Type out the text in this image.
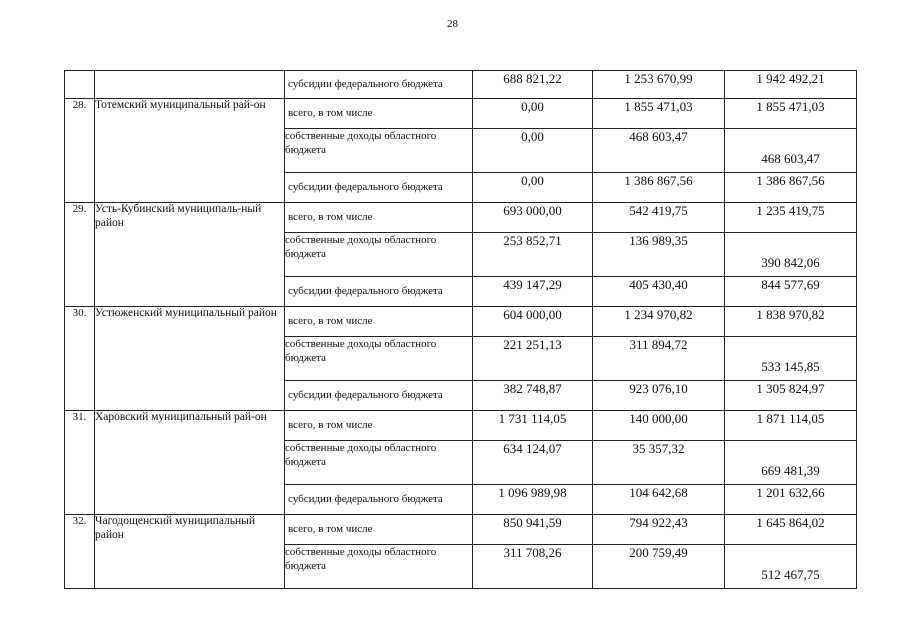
28
		субсидии федерального бюджета	688 821,22	1 253 670,99	1 942 492,21
28.	Тотемский муниципальный рай-он	всего, в том числе	0,00	1 855 471,03	1 855 471,03
		собственные доходы областного бюджета	0,00	468 603,47	468 603,47
		субсидии федерального бюджета	0,00	1 386 867,56	1 386 867,56
29.	Усть-Кубинский муниципаль-ный район	всего, в том числе	693 000,00	542 419,75	1 235 419,75
		собственные доходы областного бюджета	253 852,71	136 989,35	390 842,06
		субсидии федерального бюджета	439 147,29	405 430,40	844 577,69
30.	Устюженский муниципальный район	всего, в том числе	604 000,00	1 234 970,82	1 838 970,82
		собственные доходы областного бюджета	221 251,13	311 894,72	533 145,85
		субсидии федерального бюджета	382 748,87	923 076,10	1 305 824,97
31.	Харовский муниципальный рай-он	всего, в том числе	1 731 114,05	140 000,00	1 871 114,05
		собственные доходы областного бюджета	634 124,07	35 357,32	669 481,39
		субсидии федерального бюджета	1 096 989,98	104 642,68	1 201 632,66
32.	Чагодощенский муниципальный район	всего, в том числе	850 941,59	794 922,43	1 645 864,02
		собственные доходы областного бюджета	311 708,26	200 759,49	512 467,75
